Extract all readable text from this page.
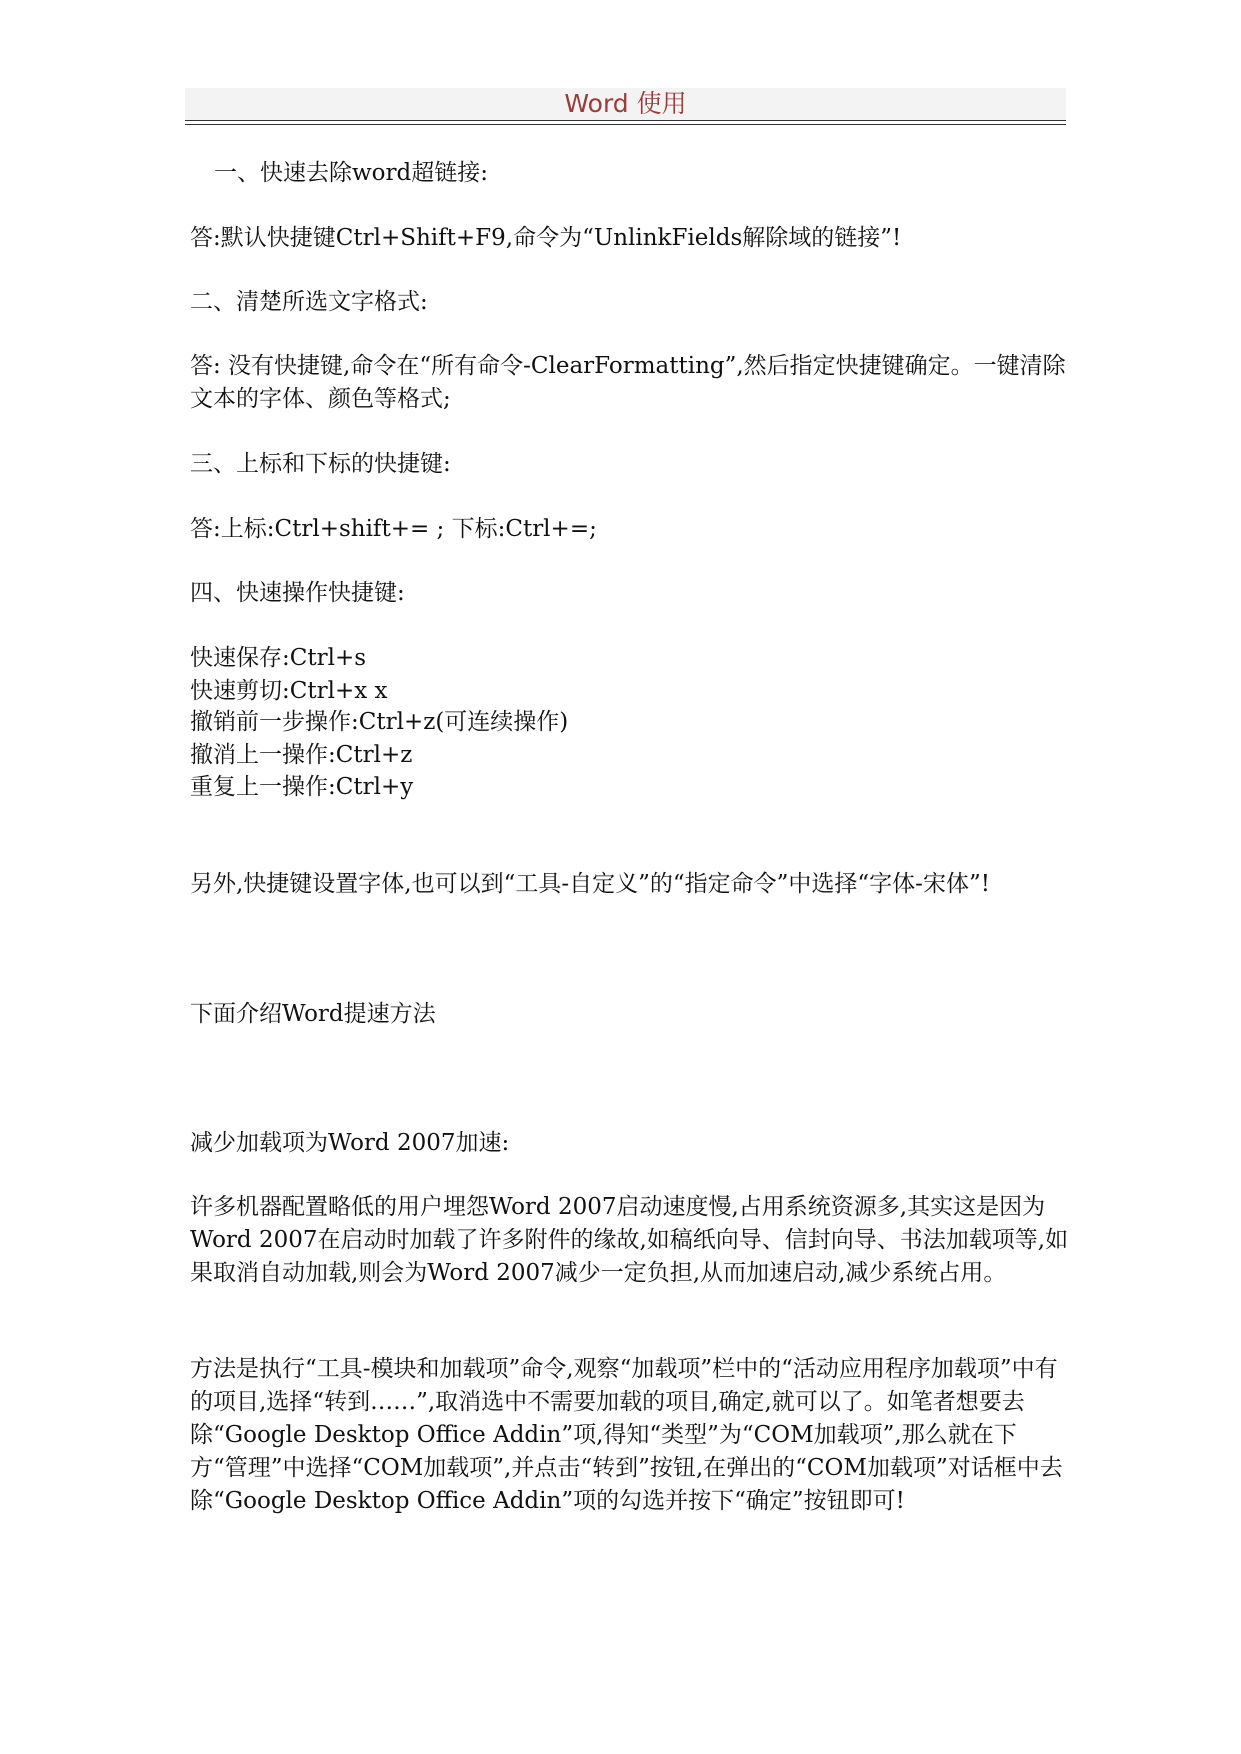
Word 使用
一、快速去除word超链接:
答:默认快捷键Ctrl+Shift+F9,命令为“UnlinkFields解除域的链接”!
二、清楚所选文字格式:
答: 没有快捷键,命令在“所有命令-ClearFormatting”,然后指定快捷键确定。一键清除文本的字体、颜色等格式;
三、上标和下标的快捷键:
答:上标:Ctrl+shift+= ; 下标:Ctrl+=;
四、快速操作快捷键:
快速保存:Ctrl+s
快速剪切:Ctrl+x x
撤销前一步操作:Ctrl+z(可连续操作)
撤消上一操作:Ctrl+z
重复上一操作:Ctrl+y
另外,快捷键设置字体,也可以到“工具-自定义”的“指定命令”中选择“字体-宋体”!
下面介绍Word提速方法
减少加载项为Word 2007加速:
许多机器配置略低的用户埋怨Word 2007启动速度慢,占用系统资源多,其实这是因为Word 2007在启动时加载了许多附件的缘故,如稿纸向导、信封向导、书法加载项等,如果取消自动加载,则会为Word 2007减少一定负担,从而加速启动,减少系统占用。
方法是执行“工具-模块和加载项”命令,观察“加载项”栏中的“活动应用程序加载项”中有的项目,选择“转到……”,取消选中不需要加载的项目,确定,就可以了。如笔者想要去除“Google Desktop Office Addin”项,得知“类型”为“COM加载项”,那么就在下方“管理”中选择“COM加载项”,并点击“转到”按钮,在弹出的“COM加载项”对话框中去除“Google Desktop Office Addin”项的勾选并按下“确定”按钮即可!
